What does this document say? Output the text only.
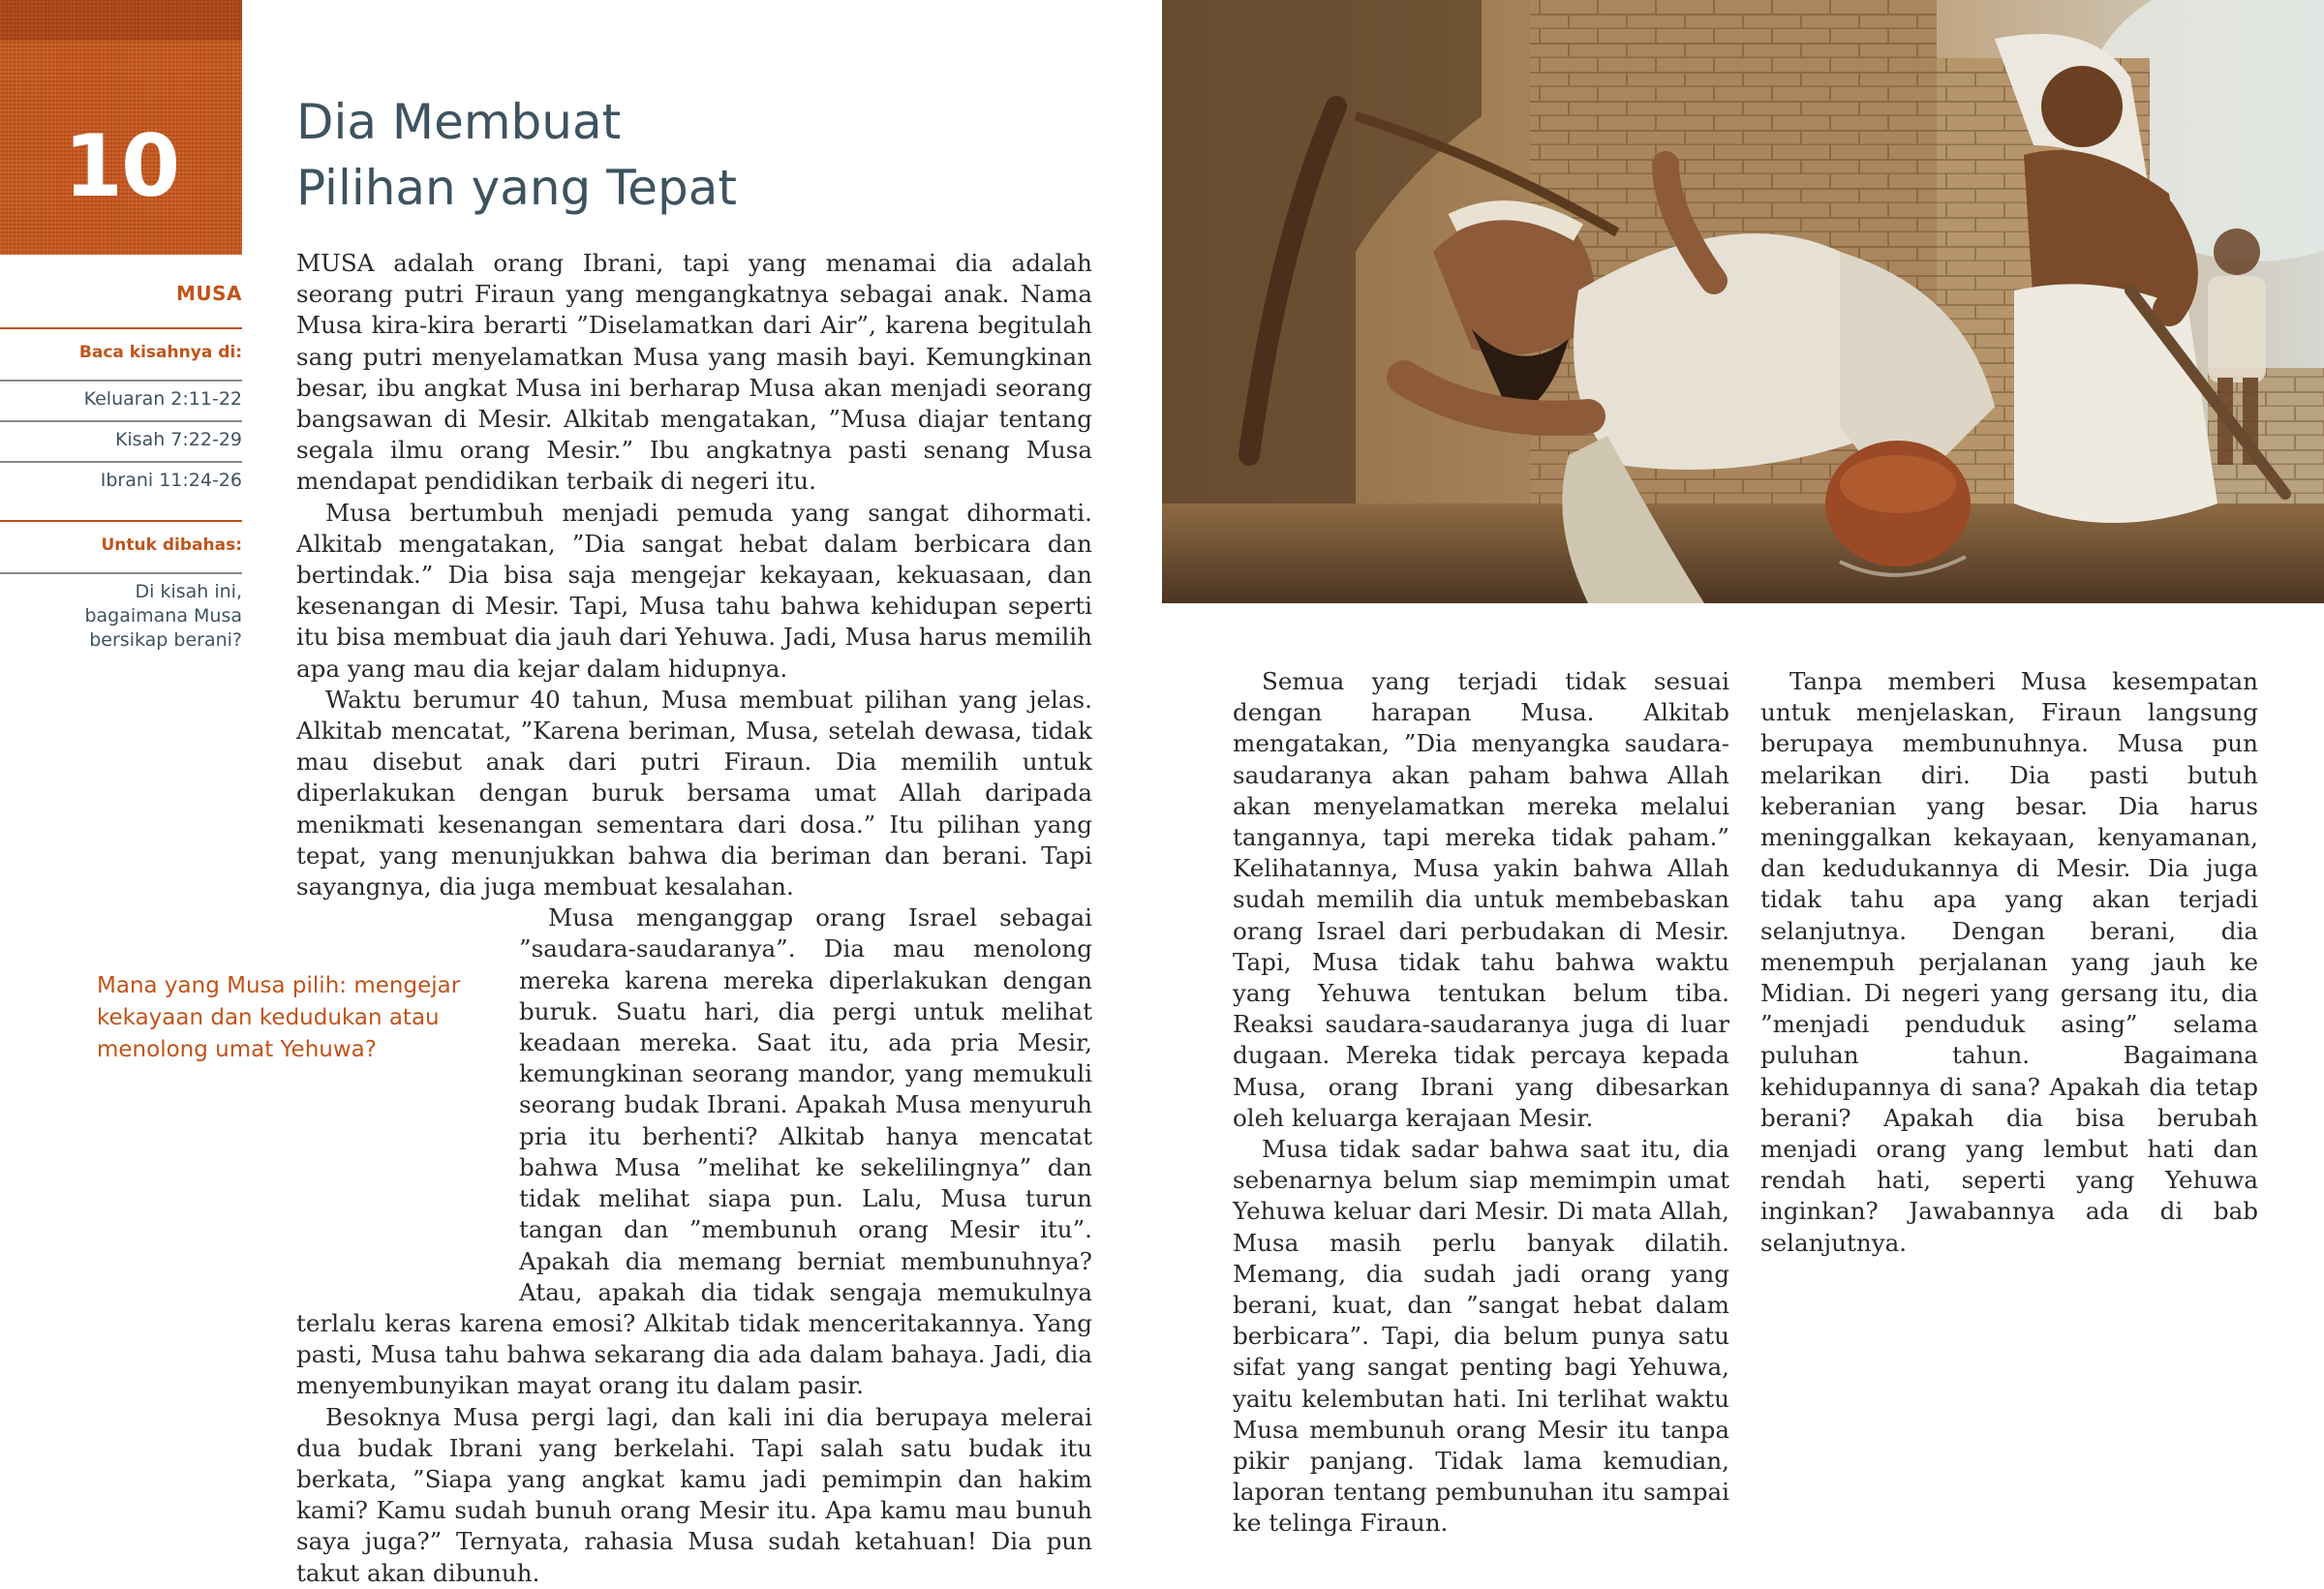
10
MUSA
Baca kisahnya di:
Keluaran 2:11-22
Kisah 7:22-29
Ibrani 11:24-26
Untuk dibahas:
Di kisah ini, bagaimana Musa bersikap berani?
Dia Membuat
Pilihan yang Tepat

MUSA adalah orang Ibrani, tapi yang menamai dia adalah seorang putri Firaun yang mengangkatnya sebagai anak. Nama Musa kira-kira berarti ”Diselamatkan dari Air”, karena begitulah sang putri menyelamatkan Musa yang masih bayi. Kemungkinan besar, ibu angkat Musa ini berharap Musa akan menjadi seorang bangsawan di Mesir. Alkitab mengatakan, ”Musa diajar tentang segala ilmu orang Mesir.” Ibu angkatnya pasti senang Musa mendapat pendidikan terbaik di negeri itu.

Musa bertumbuh menjadi pemuda yang sangat dihormati. Alkitab mengatakan, ”Dia sangat hebat dalam berbicara dan bertindak.” Dia bisa saja mengejar kekayaan, kekuasaan, dan kesenangan di Mesir. Tapi, Musa tahu bahwa kehidupan seperti itu bisa membuat dia jauh dari Yehuwa. Jadi, Musa harus memilih apa yang mau dia kejar dalam hidupnya.

Waktu berumur 40 tahun, Musa membuat pilihan yang jelas. Alkitab mencatat, ”Karena beriman, Musa, setelah dewasa, tidak mau disebut anak dari putri Firaun. Dia memilih untuk diperlakukan dengan buruk bersama umat Allah daripada menikmati kesenangan sementara dari dosa.” Itu pilihan yang tepat, yang menunjukkan bahwa dia beriman dan berani. Tapi sayangnya, dia juga membuat kesalahan.

Musa menganggap orang Israel sebagai ”saudara-saudaranya”. Dia mau menolong mereka karena mereka diperlakukan dengan buruk. Suatu hari, dia pergi untuk melihat keadaan mereka. Saat itu, ada pria Mesir, kemungkinan seorang mandor, yang memukuli seorang budak Ibrani. Apakah Musa menyuruh pria itu berhenti? Alkitab hanya mencatat bahwa Musa ”melihat ke sekelilingnya” dan tidak melihat siapa pun. Lalu, Musa turun tangan dan ”membunuh orang Mesir itu”. Apakah dia memang berniat membunuhnya? Atau, apakah dia tidak sengaja memukulnya terlalu keras karena emosi? Alkitab tidak menceritakannya. Yang pasti, Musa tahu bahwa sekarang dia ada dalam bahaya. Jadi, dia menyembunyikan mayat orang itu dalam pasir.

Besoknya Musa pergi lagi, dan kali ini dia berupaya melerai dua budak Ibrani yang berkelahi. Tapi salah satu budak itu berkata, ”Siapa yang angkat kamu jadi pemimpin dan hakim kami? Kamu sudah bunuh orang Mesir itu. Apa kamu mau bunuh saya juga?” Ternyata, rahasia Musa sudah ketahuan! Dia pun takut akan dibunuh.

Mana yang Musa pilih: mengejar kekayaan dan kedudukan atau menolong umat Yehuwa?

Semua yang terjadi tidak sesuai dengan harapan Musa. Alkitab mengatakan, ”Dia menyangka saudara-saudaranya akan paham bahwa Allah akan menyelamatkan mereka melalui tangannya, tapi mereka tidak paham.” Kelihatannya, Musa yakin bahwa Allah sudah memilih dia untuk membebaskan orang Israel dari perbudakan di Mesir. Tapi, Musa tidak tahu bahwa waktu yang Yehuwa tentukan belum tiba. Reaksi saudara-saudaranya juga di luar dugaan. Mereka tidak percaya kepada Musa, orang Ibrani yang dibesarkan oleh keluarga kerajaan Mesir.

Musa tidak sadar bahwa saat itu, dia sebenarnya belum siap memimpin umat Yehuwa keluar dari Mesir. Di mata Allah, Musa masih perlu banyak dilatih. Memang, dia sudah jadi orang yang berani, kuat, dan ”sangat hebat dalam berbicara”. Tapi, dia belum punya satu sifat yang sangat penting bagi Yehuwa, yaitu kelembutan hati. Ini terlihat waktu Musa membunuh orang Mesir itu tanpa pikir panjang. Tidak lama kemudian, laporan tentang pembunuhan itu sampai ke telinga Firaun.

Tanpa memberi Musa kesempatan untuk menjelaskan, Firaun langsung berupaya membunuhnya. Musa pun melarikan diri. Dia pasti butuh keberanian yang besar. Dia harus meninggalkan kekayaan, kenyamanan, dan kedudukannya di Mesir. Dia juga tidak tahu apa yang akan terjadi selanjutnya. Dengan berani, dia menempuh perjalanan yang jauh ke Midian. Di negeri yang gersang itu, dia ”menjadi penduduk asing” selama puluhan tahun. Bagaimana kehidupannya di sana? Apakah dia tetap berani? Apakah dia bisa berubah menjadi orang yang lembut hati dan rendah hati, seperti yang Yehuwa inginkan? Jawabannya ada di bab selanjutnya.
